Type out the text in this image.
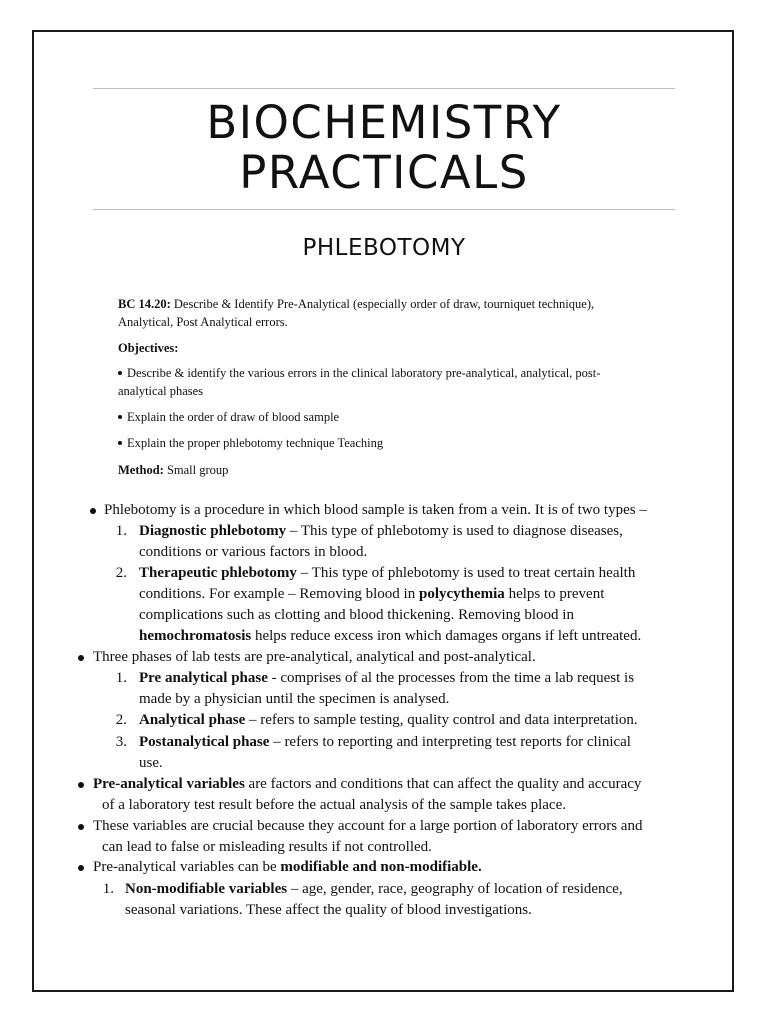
BIOCHEMISTRY
PRACTICALS
PHLEBOTOMY
BC 14.20: Describe & Identify Pre-Analytical (especially order of draw, tourniquet technique),
Analytical, Post Analytical errors.
Objectives:
Describe & identify the various errors in the clinical laboratory pre-analytical, analytical, post-
analytical phases
Explain the order of draw of blood sample
Explain the proper phlebotomy technique Teaching
Method: Small group
Phlebotomy is a procedure in which blood sample is taken from a vein. It is of two types –
1. Diagnostic phlebotomy – This type of phlebotomy is used to diagnose diseases,
conditions or various factors in blood.
2. Therapeutic phlebotomy – This type of phlebotomy is used to treat certain health
conditions. For example – Removing blood in polycythemia helps to prevent
complications such as clotting and blood thickening. Removing blood in
hemochromatosis helps reduce excess iron which damages organs if left untreated.
Three phases of lab tests are pre-analytical, analytical and post-analytical.
1. Pre analytical phase - comprises of al the processes from the time a lab request is
made by a physician until the specimen is analysed.
2. Analytical phase – refers to sample testing, quality control and data interpretation.
3. Postanalytical phase – refers to reporting and interpreting test reports for clinical
use.
Pre-analytical variables are factors and conditions that can affect the quality and accuracy
of a laboratory test result before the actual analysis of the sample takes place.
These variables are crucial because they account for a large portion of laboratory errors and
can lead to false or misleading results if not controlled.
Pre-analytical variables can be modifiable and non-modifiable.
1. Non-modifiable variables – age, gender, race, geography of location of residence,
seasonal variations. These affect the quality of blood investigations.
